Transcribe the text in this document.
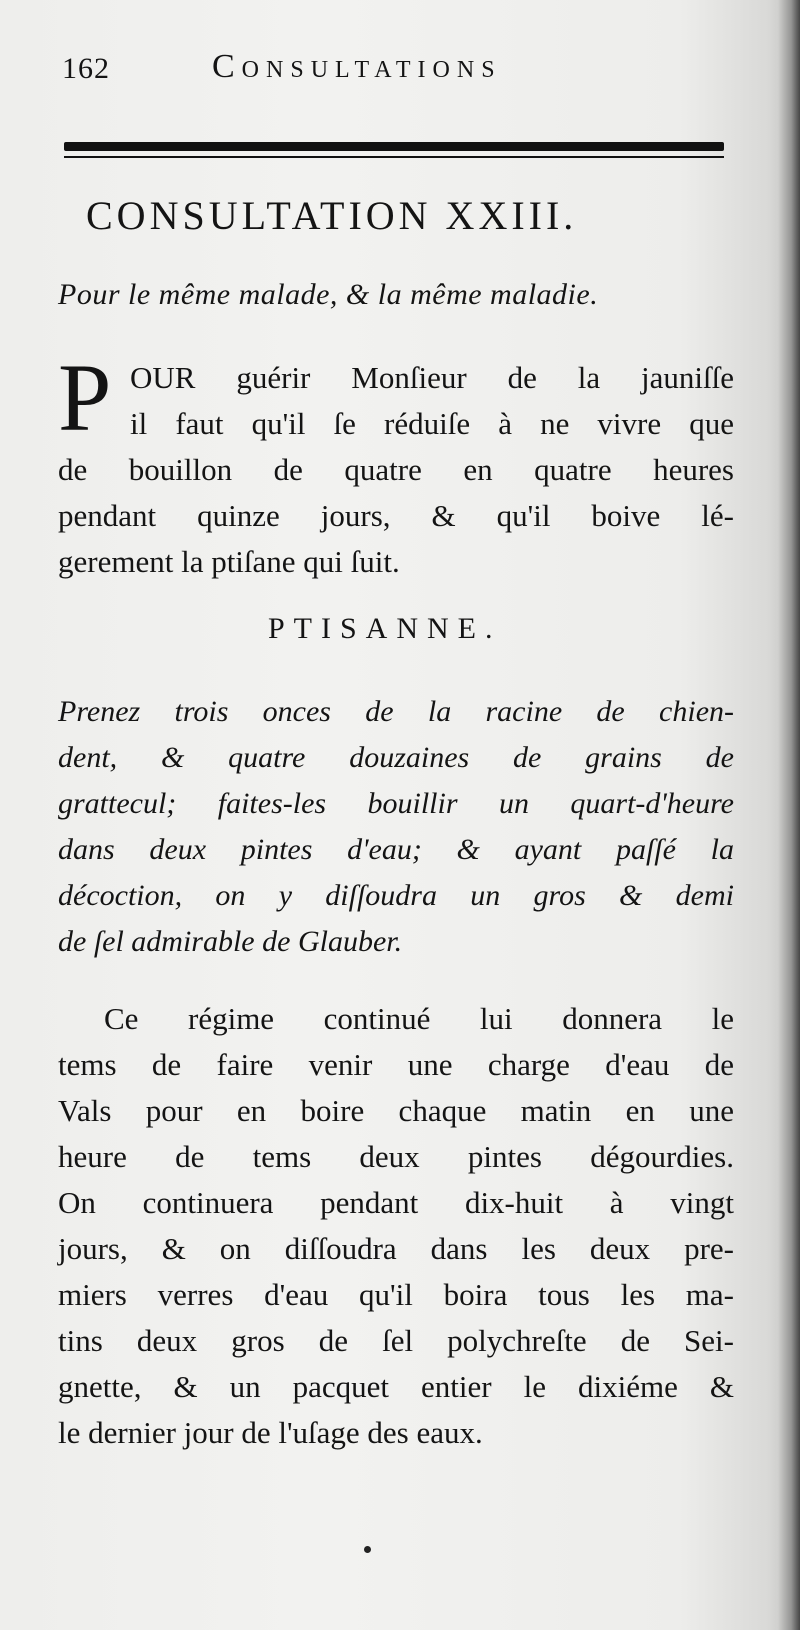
162	Consultations
CONSULTATION XXIII.
Pour le même malade, & la même maladie.
P OUR guérir Monſieur de la jauniſſe
il faut qu'il ſe réduiſe à ne vivre que
de bouillon de quatre en quatre heures
pendant quinze jours, & qu'il boive lé-
gerement la ptiſane qui ſuit.
PTISANNE.
Prenez trois onces de la racine de chien-
dent, & quatre douzaines de grains de
grattecul; faites-les bouillir un quart-d'heure
dans deux pintes d'eau; & ayant paſſé la
décoction, on y diſſoudra un gros & demi
de ſel admirable de Glauber.
Ce régime continué lui donnera le
tems de faire venir une charge d'eau de
Vals pour en boire chaque matin en une
heure de tems deux pintes dégourdies.
On continuera pendant dix-huit à vingt
jours, & on diſſoudra dans les deux pre-
miers verres d'eau qu'il boira tous les ma-
tins deux gros de ſel polychreſte de Sei-
gnette, & un pacquet entier le dixiéme &
le dernier jour de l'uſage des eaux.
